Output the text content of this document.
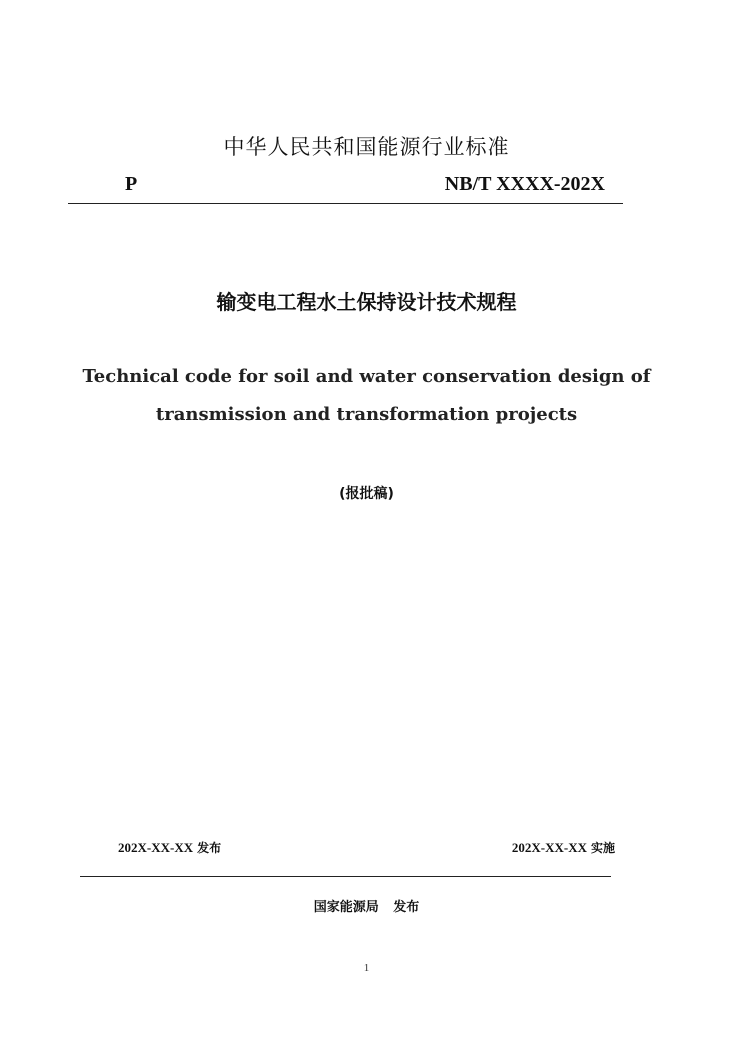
中华人民共和国能源行业标准
P	NB/T XXXX-202X
输变电工程水土保持设计技术规程
Technical code for soil and water conservation design of
transmission and transformation projects
(报批稿)
202X-XX-XX 发布	202X-XX-XX 实施
国家能源局 发布
1
